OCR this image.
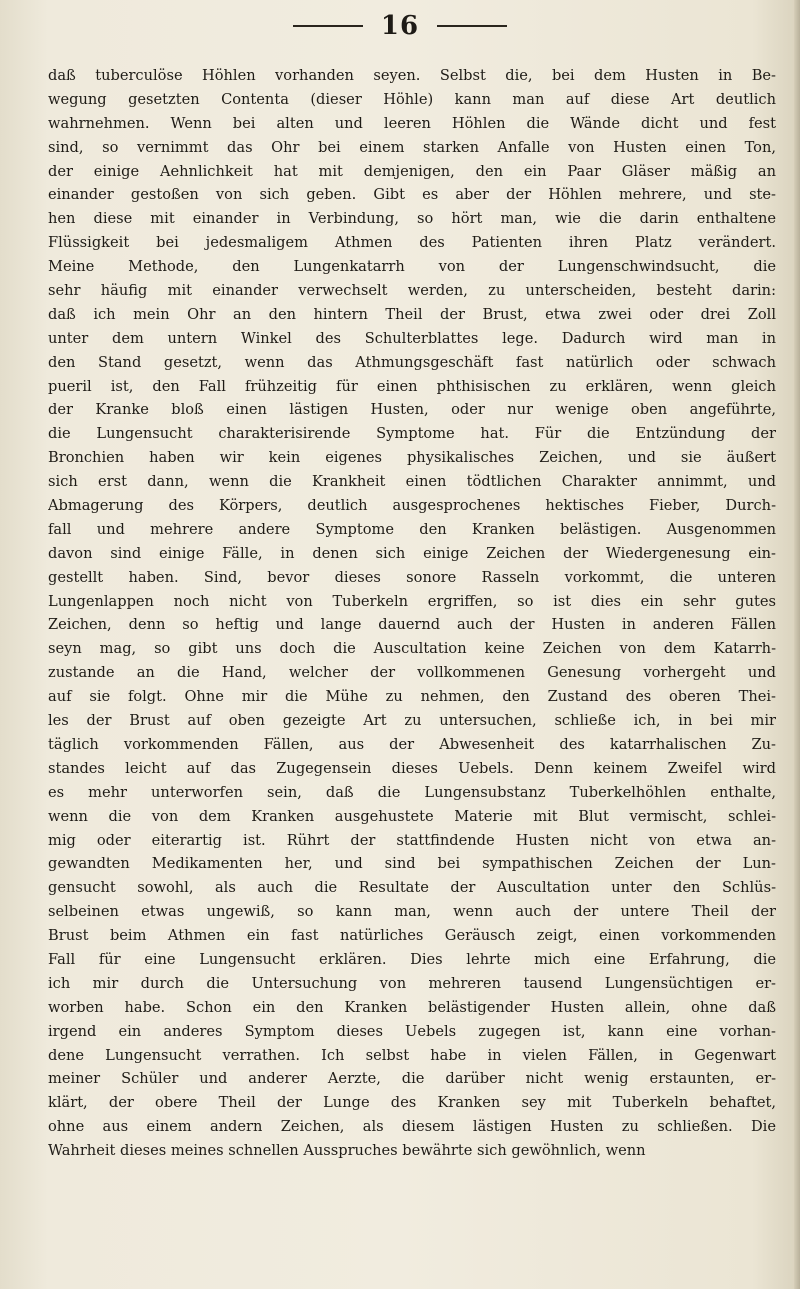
16
daß tuberculöse Höhlen vorhanden seyen. Selbst die, bei dem Husten in Be-
wegung gesetzten Contenta (dieser Höhle) kann man auf diese Art deutlich
wahrnehmen. Wenn bei alten und leeren Höhlen die Wände dicht und fest
sind, so vernimmt das Ohr bei einem starken Anfalle von Husten einen Ton,
der einige Aehnlichkeit hat mit demjenigen, den ein Paar Gläser mäßig an
einander gestoßen von sich geben. Gibt es aber der Höhlen mehrere, und ste-
hen diese mit einander in Verbindung, so hört man, wie die darin enthaltene
Flüssigkeit bei jedesmaligem Athmen des Patienten ihren Platz verändert.
Meine Methode, den Lungenkatarrh von der Lungenschwindsucht, die
sehr häufig mit einander verwechselt werden, zu unterscheiden, besteht darin:
daß ich mein Ohr an den hintern Theil der Brust, etwa zwei oder drei Zoll
unter dem untern Winkel des Schulterblattes lege. Dadurch wird man in
den Stand gesetzt, wenn das Athmungsgeschäft fast natürlich oder schwach
pueril ist, den Fall frühzeitig für einen phthisischen zu erklären, wenn gleich
der Kranke bloß einen lästigen Husten, oder nur wenige oben angeführte,
die Lungensucht charakterisirende Symptome hat. Für die Entzündung der
Bronchien haben wir kein eigenes physikalisches Zeichen, und sie äußert
sich erst dann, wenn die Krankheit einen tödtlichen Charakter annimmt, und
Abmagerung des Körpers, deutlich ausgesprochenes hektisches Fieber, Durch-
fall und mehrere andere Symptome den Kranken belästigen. Ausgenommen
davon sind einige Fälle, in denen sich einige Zeichen der Wiedergenesung ein-
gestellt haben. Sind, bevor dieses sonore Rasseln vorkommt, die unteren
Lungenlappen noch nicht von Tuberkeln ergriffen, so ist dies ein sehr gutes
Zeichen, denn so heftig und lange dauernd auch der Husten in anderen Fällen
seyn mag, so gibt uns doch die Auscultation keine Zeichen von dem Katarrh-
zustande an die Hand, welcher der vollkommenen Genesung vorhergeht und
auf sie folgt. Ohne mir die Mühe zu nehmen, den Zustand des oberen Thei-
les der Brust auf oben gezeigte Art zu untersuchen, schließe ich, in bei mir
täglich vorkommenden Fällen, aus der Abwesenheit des katarrhalischen Zu-
standes leicht auf das Zugegensein dieses Uebels. Denn keinem Zweifel wird
es mehr unterworfen sein, daß die Lungensubstanz Tuberkelhöhlen enthalte,
wenn die von dem Kranken ausgehustete Materie mit Blut vermischt, schlei-
mig oder eiterartig ist. Rührt der stattfindende Husten nicht von etwa an-
gewandten Medikamenten her, und sind bei sympathischen Zeichen der Lun-
gensucht sowohl, als auch die Resultate der Auscultation unter den Schlüs-
selbeinen etwas ungewiß, so kann man, wenn auch der untere Theil der
Brust beim Athmen ein fast natürliches Geräusch zeigt, einen vorkommenden
Fall für eine Lungensucht erklären. Dies lehrte mich eine Erfahrung, die
ich mir durch die Untersuchung von mehreren tausend Lungensüchtigen er-
worben habe. Schon ein den Kranken belästigender Husten allein, ohne daß
irgend ein anderes Symptom dieses Uebels zugegen ist, kann eine vorhan-
dene Lungensucht verrathen. Ich selbst habe in vielen Fällen, in Gegenwart
meiner Schüler und anderer Aerzte, die darüber nicht wenig erstaunten, er-
klärt, der obere Theil der Lunge des Kranken sey mit Tuberkeln behaftet,
ohne aus einem andern Zeichen, als diesem lästigen Husten zu schließen. Die
Wahrheit dieses meines schnellen Ausspruches bewährte sich gewöhnlich, wenn
